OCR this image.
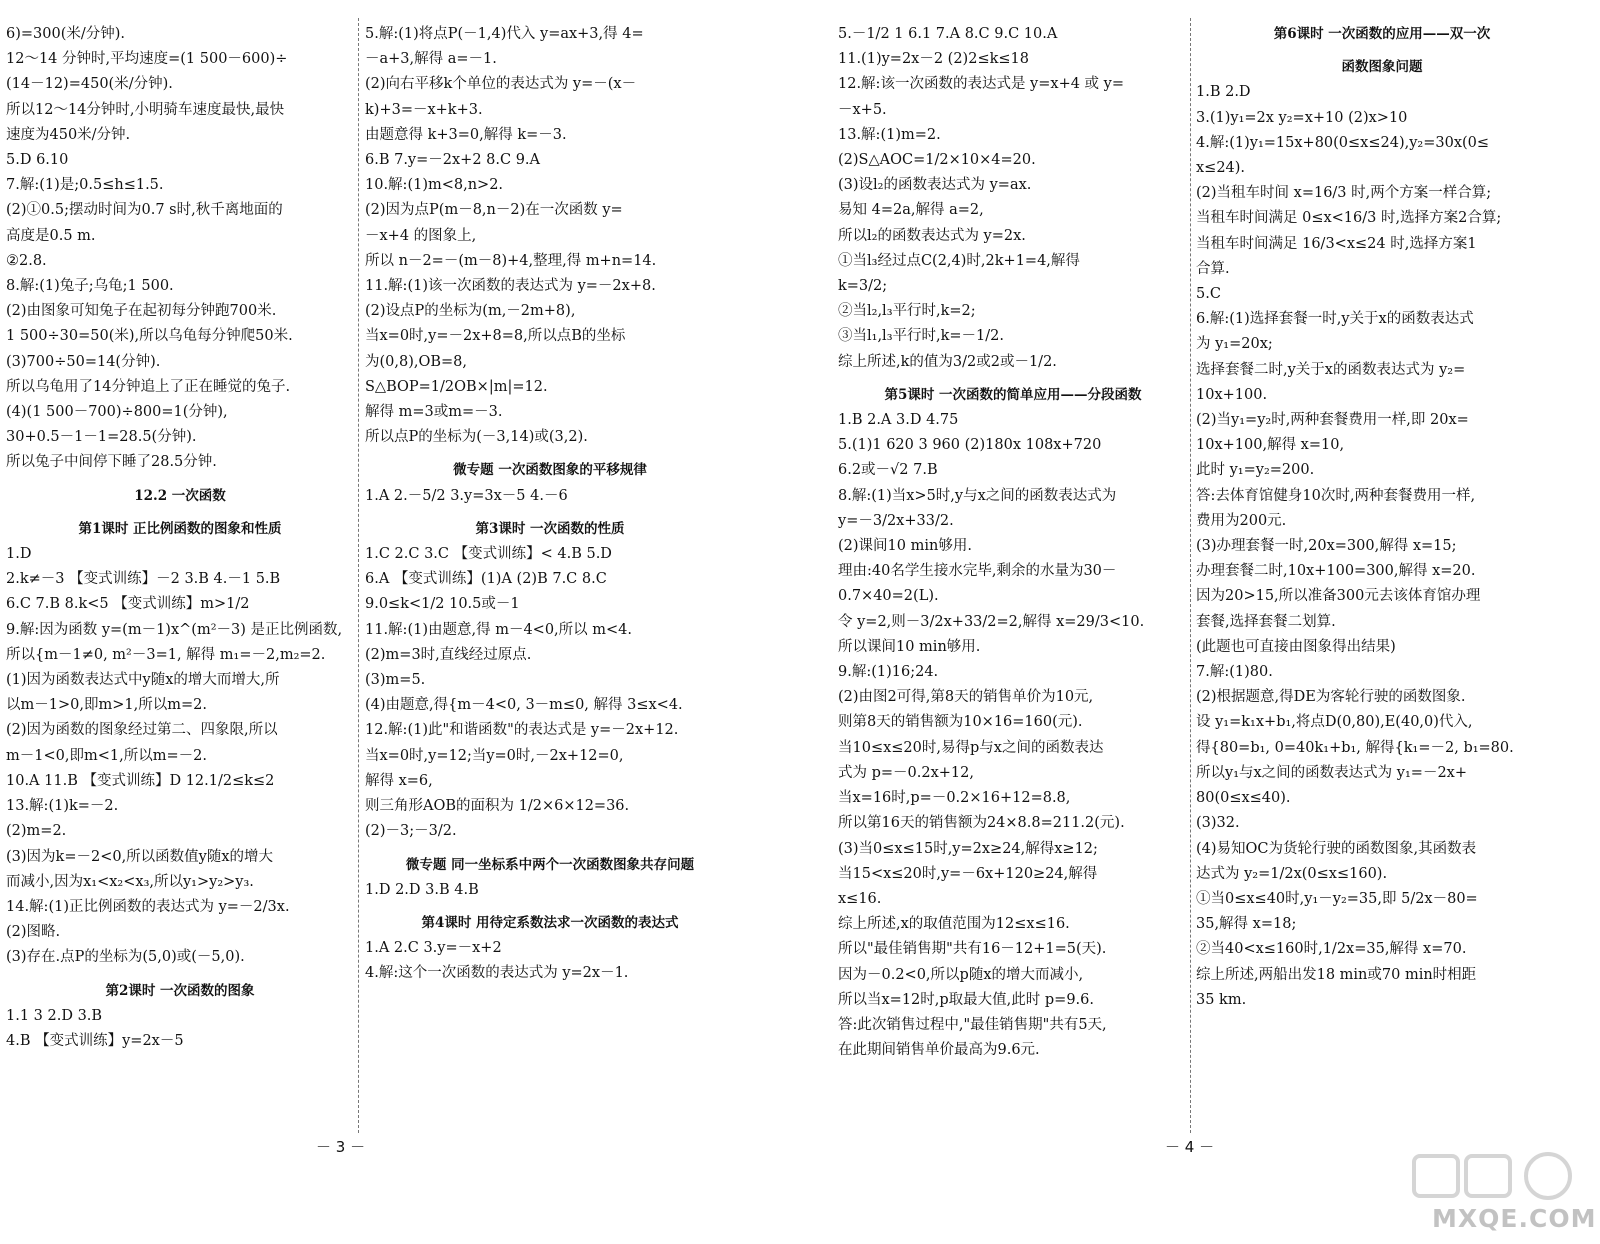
6)=300(米/分钟).
12～14 分钟时,平均速度=(1 500－600)÷
(14－12)=450(米/分钟).
所以12～14分钟时,小明骑车速度最快,最快
速度为450米/分钟.
5.D 6.10
7.解:(1)是;0.5≤h≤1.5.
(2)①0.5;摆动时间为0.7 s时,秋千离地面的
高度是0.5 m.
②2.8.
8.解:(1)兔子;乌龟;1 500.
(2)由图象可知兔子在起初每分钟跑700米.
1 500÷30=50(米),所以乌龟每分钟爬50米.
(3)700÷50=14(分钟).
所以乌龟用了14分钟追上了正在睡觉的兔子.
(4)(1 500－700)÷800=1(分钟),
30+0.5－1－1=28.5(分钟).
所以兔子中间停下睡了28.5分钟.
12.2 一次函数
第1课时 正比例函数的图象和性质
1.D
2.k≠－3 【变式训练】－2 3.B 4.－1 5.B
6.C 7.B 8.k<5 【变式训练】m>1/2
9.解:因为函数 y=(m－1)x^(m²－3) 是正比例函数,
所以{m－1≠0, m²－3=1, 解得 m₁=－2,m₂=2.
(1)因为函数表达式中y随x的增大而增大,所
以m－1>0,即m>1,所以m=2.
(2)因为函数的图象经过第二、四象限,所以
m－1<0,即m<1,所以m=－2.
10.A 11.B 【变式训练】D 12.1/2≤k≤2
13.解:(1)k=－2.
(2)m=2.
(3)因为k=－2<0,所以函数值y随x的增大
而减小,因为x₁<x₂<x₃,所以y₁>y₂>y₃.
14.解:(1)正比例函数的表达式为 y=－2/3x.
(2)图略.
(3)存在.点P的坐标为(5,0)或(－5,0).
第2课时 一次函数的图象
1.1 3 2.D 3.B
4.B 【变式训练】y=2x－5
5.解:(1)将点P(－1,4)代入 y=ax+3,得 4=
－a+3,解得 a=－1.
(2)向右平移k个单位的表达式为 y=－(x－
k)+3=－x+k+3.
由题意得 k+3=0,解得 k=－3.
6.B 7.y=－2x+2 8.C 9.A
10.解:(1)m<8,n>2.
(2)因为点P(m－8,n－2)在一次函数 y=
－x+4 的图象上,
所以 n－2=－(m－8)+4,整理,得 m+n=14.
11.解:(1)该一次函数的表达式为 y=－2x+8.
(2)设点P的坐标为(m,－2m+8),
当x=0时,y=－2x+8=8,所以点B的坐标
为(0,8),OB=8,
S△BOP=1/2OB×|m|=12.
解得 m=3或m=－3.
所以点P的坐标为(－3,14)或(3,2).
微专题 一次函数图象的平移规律
1.A 2.－5/2 3.y=3x－5 4.－6
第3课时 一次函数的性质
1.C 2.C 3.C 【变式训练】< 4.B 5.D
6.A 【变式训练】(1)A (2)B 7.C 8.C
9.0≤k<1/2 10.5或－1
11.解:(1)由题意,得 m－4<0,所以 m<4.
(2)m=3时,直线经过原点.
(3)m=5.
(4)由题意,得{m－4<0, 3－m≤0, 解得 3≤x<4.
12.解:(1)此"和谐函数"的表达式是 y=－2x+12.
当x=0时,y=12;当y=0时,－2x+12=0,
解得 x=6,
则三角形AOB的面积为 1/2×6×12=36.
(2)－3;－3/2.
微专题 同一坐标系中两个一次函数图象共存问题
1.D 2.D 3.B 4.B
第4课时 用待定系数法求一次函数的表达式
1.A 2.C 3.y=－x+2
4.解:这个一次函数的表达式为 y=2x－1.
5.－1/2 1 6.1 7.A 8.C 9.C 10.A
11.(1)y=2x－2 (2)2≤k≤18
12.解:该一次函数的表达式是 y=x+4 或 y=
－x+5.
13.解:(1)m=2.
(2)S△AOC=1/2×10×4=20.
(3)设l₂的函数表达式为 y=ax.
易知 4=2a,解得 a=2,
所以l₂的函数表达式为 y=2x.
①当l₃经过点C(2,4)时,2k+1=4,解得
k=3/2;
②当l₂,l₃平行时,k=2;
③当l₁,l₃平行时,k=－1/2.
综上所述,k的值为3/2或2或－1/2.
第5课时 一次函数的简单应用——分段函数
1.B 2.A 3.D 4.75
5.(1)1 620 3 960 (2)180x 108x+720
6.2或－√2 7.B
8.解:(1)当x>5时,y与x之间的函数表达式为
y=－3/2x+33/2.
(2)课间10 min够用.
理由:40名学生接水完毕,剩余的水量为30－
0.7×40=2(L).
令 y=2,则－3/2x+33/2=2,解得 x=29/3<10.
所以课间10 min够用.
9.解:(1)16;24.
(2)由图2可得,第8天的销售单价为10元,
则第8天的销售额为10×16=160(元).
当10≤x≤20时,易得p与x之间的函数表达
式为 p=－0.2x+12,
当x=16时,p=－0.2×16+12=8.8,
所以第16天的销售额为24×8.8=211.2(元).
(3)当0≤x≤15时,y=2x≥24,解得x≥12;
当15<x≤20时,y=－6x+120≥24,解得
x≤16.
综上所述,x的取值范围为12≤x≤16.
所以"最佳销售期"共有16－12+1=5(天).
因为－0.2<0,所以p随x的增大而减小,
所以当x=12时,p取最大值,此时 p=9.6.
答:此次销售过程中,"最佳销售期"共有5天,
在此期间销售单价最高为9.6元.
第6课时 一次函数的应用——双一次
函数图象问题
1.B 2.D
3.(1)y₁=2x y₂=x+10 (2)x>10
4.解:(1)y₁=15x+80(0≤x≤24),y₂=30x(0≤
x≤24).
(2)当租车时间 x=16/3 时,两个方案一样合算;
当租车时间满足 0≤x<16/3 时,选择方案2合算;
当租车时间满足 16/3<x≤24 时,选择方案1
合算.
5.C
6.解:(1)选择套餐一时,y关于x的函数表达式
为 y₁=20x;
选择套餐二时,y关于x的函数表达式为 y₂=
10x+100.
(2)当y₁=y₂时,两种套餐费用一样,即 20x=
10x+100,解得 x=10,
此时 y₁=y₂=200.
答:去体育馆健身10次时,两种套餐费用一样,
费用为200元.
(3)办理套餐一时,20x=300,解得 x=15;
办理套餐二时,10x+100=300,解得 x=20.
因为20>15,所以准备300元去该体育馆办理
套餐,选择套餐二划算.
(此题也可直接由图象得出结果)
7.解:(1)80.
(2)根据题意,得DE为客轮行驶的函数图象.
设 y₁=k₁x+b₁,将点D(0,80),E(40,0)代入,
得{80=b₁, 0=40k₁+b₁, 解得{k₁=－2, b₁=80.
所以y₁与x之间的函数表达式为 y₁=－2x+
80(0≤x≤40).
(3)32.
(4)易知OC为货轮行驶的函数图象,其函数表
达式为 y₂=1/2x(0≤x≤160).
①当0≤x≤40时,y₁－y₂=35,即 5/2x－80=
35,解得 x=18;
②当40<x≤160时,1/2x=35,解得 x=70.
综上所述,两船出发18 min或70 min时相距
35 km.
－ 3 －	－ 4 －
MXQE.COM
